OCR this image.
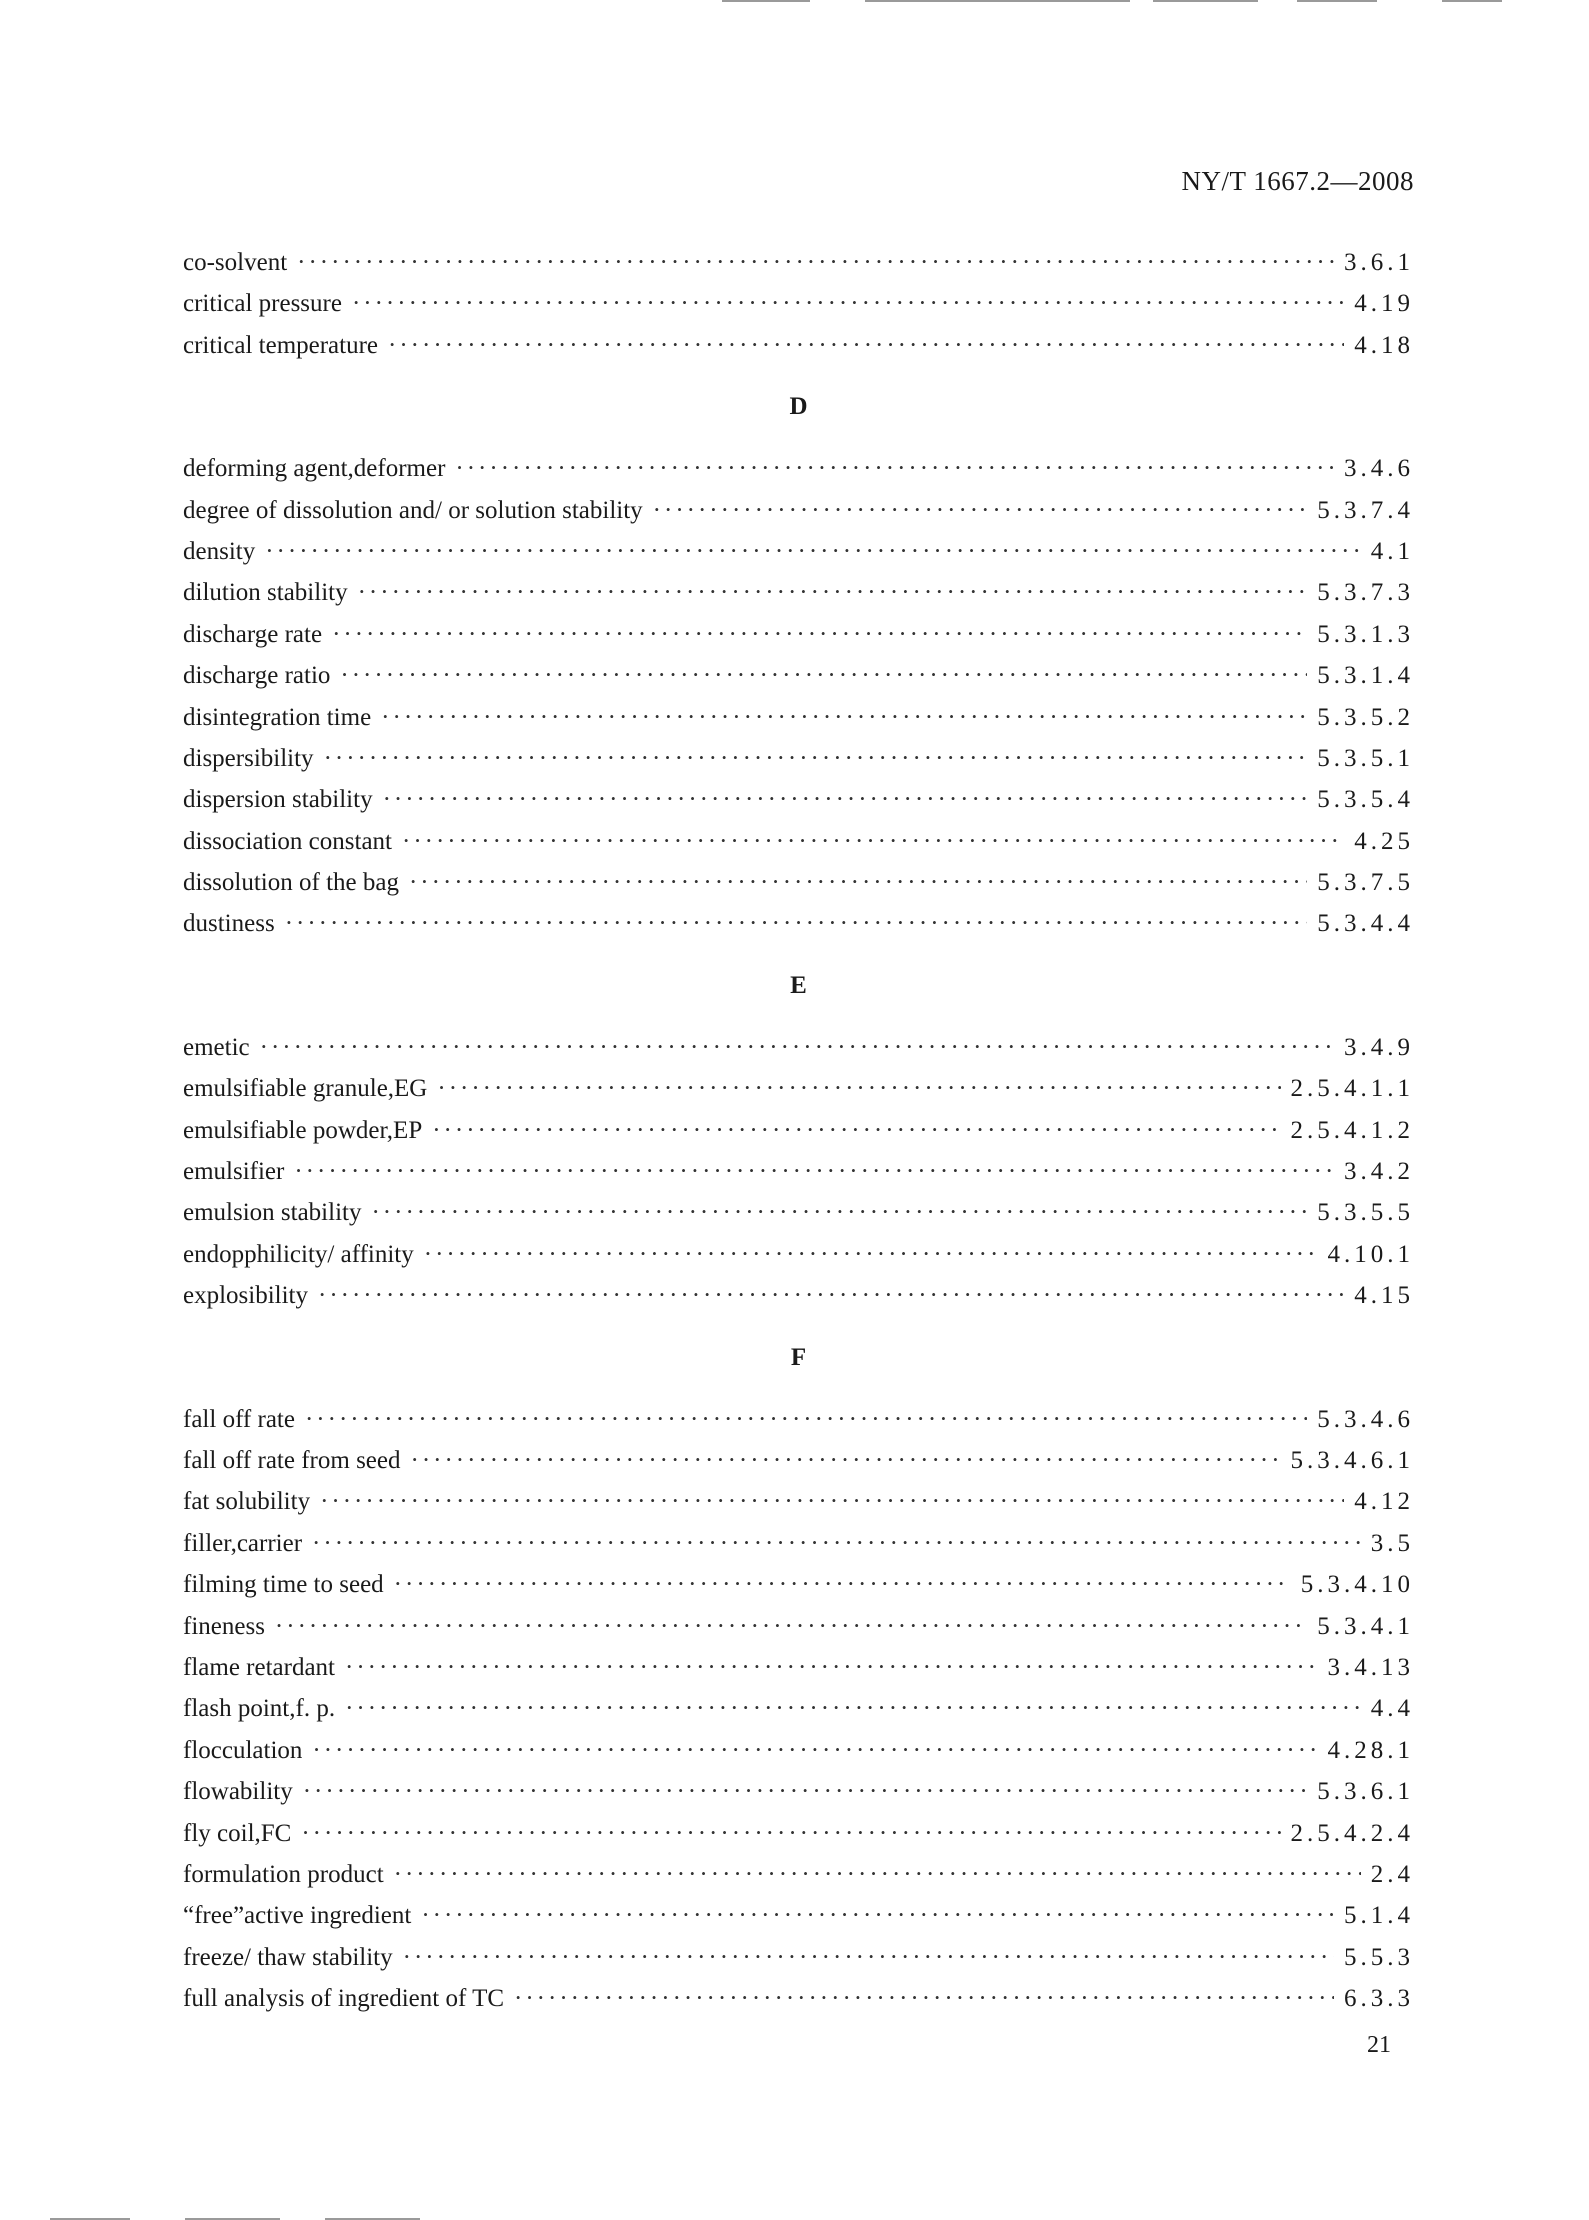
NY/T 1667.2—2008
co-solvent ·····	3.6.1
critical pressure ·····	4.19
critical temperature ·····	4.18
D
deforming agent,deformer ·····	3.4.6
degree of dissolution and/ or solution stability ·····	5.3.7.4
density ·····	4.1
dilution stability ·····	5.3.7.3
discharge rate ·····	5.3.1.3
discharge ratio ·····	5.3.1.4
disintegration time ·····	5.3.5.2
dispersibility ·····	5.3.5.1
dispersion stability ·····	5.3.5.4
dissociation constant ·····	4.25
dissolution of the bag ·····	5.3.7.5
dustiness ·····	5.3.4.4
E
emetic ·····	3.4.9
emulsifiable granule,EG ·····	2.5.4.1.1
emulsifiable powder,EP ·····	2.5.4.1.2
emulsifier ·····	3.4.2
emulsion stability ·····	5.3.5.5
endopphilicity/ affinity ·····	4.10.1
explosibility ·····	4.15
F
fall off rate ·····	5.3.4.6
fall off rate from seed ·····	5.3.4.6.1
fat solubility ·····	4.12
filler,carrier ·····	3.5
filming time to seed ·····	5.3.4.10
fineness ·····	5.3.4.1
flame retardant ·····	3.4.13
flash point,f. p. ·····	4.4
flocculation ·····	4.28.1
flowability ·····	5.3.6.1
fly coil,FC ·····	2.5.4.2.4
formulation product ·····	2.4
“free”active ingredient ·····	5.1.4
freeze/ thaw stability ·····	5.5.3
full analysis of ingredient of TC ·····	6.3.3
21
